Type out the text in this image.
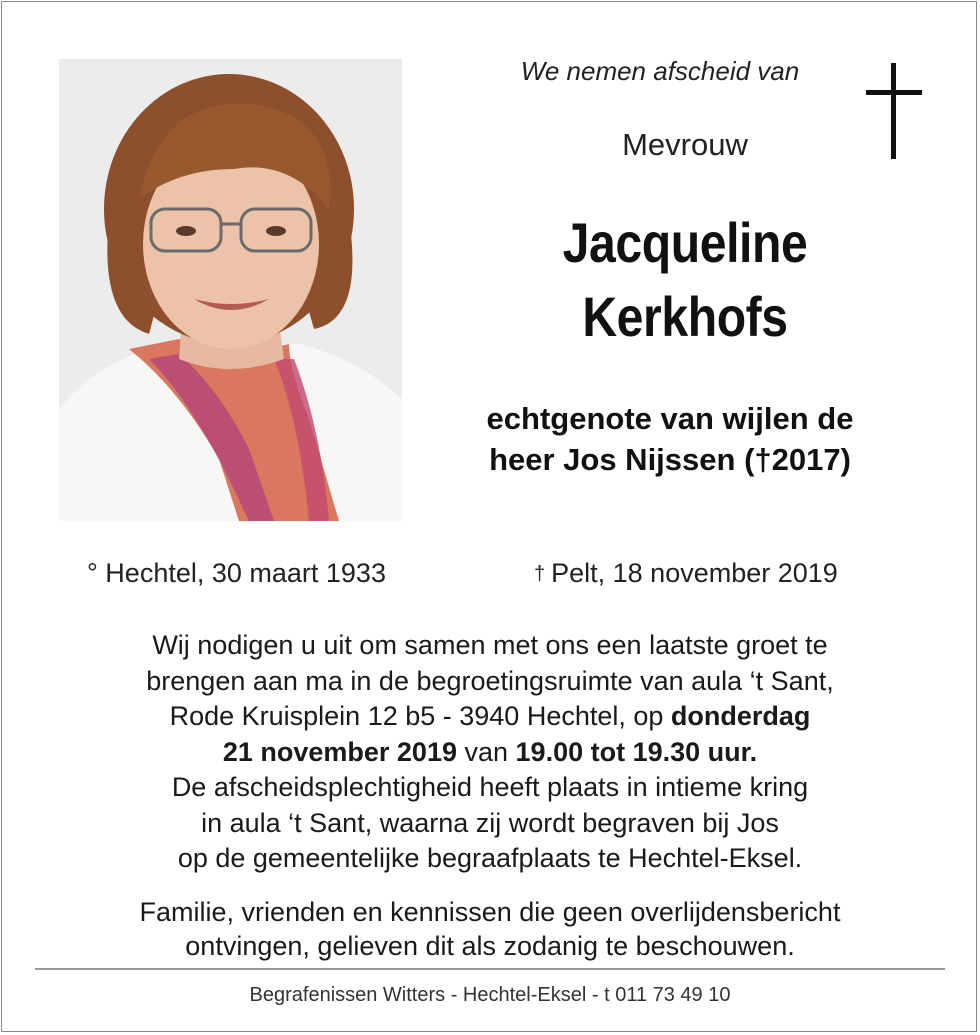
We nemen afscheid van
Mevrouw
Jacqueline
Kerkhofs
echtgenote van wijlen de
heer Jos Nijssen (†2017)
° Hechtel, 30 maart 1933	† Pelt, 18 november 2019
Wij nodigen u uit om samen met ons een laatste groet te
brengen aan ma in de begroetingsruimte van aula ‘t Sant,
Rode Kruisplein 12 b5 - 3940 Hechtel, op donderdag
21 november 2019 van 19.00 tot 19.30 uur.
De afscheidsplechtigheid heeft plaats in intieme kring
in aula ‘t Sant, waarna zij wordt begraven bij Jos
op de gemeentelijke begraafplaats te Hechtel-Eksel.
Familie, vrienden en kennissen die geen overlijdensbericht
ontvingen, gelieven dit als zodanig te beschouwen.
Begrafenissen Witters - Hechtel-Eksel - t 011 73 49 10
